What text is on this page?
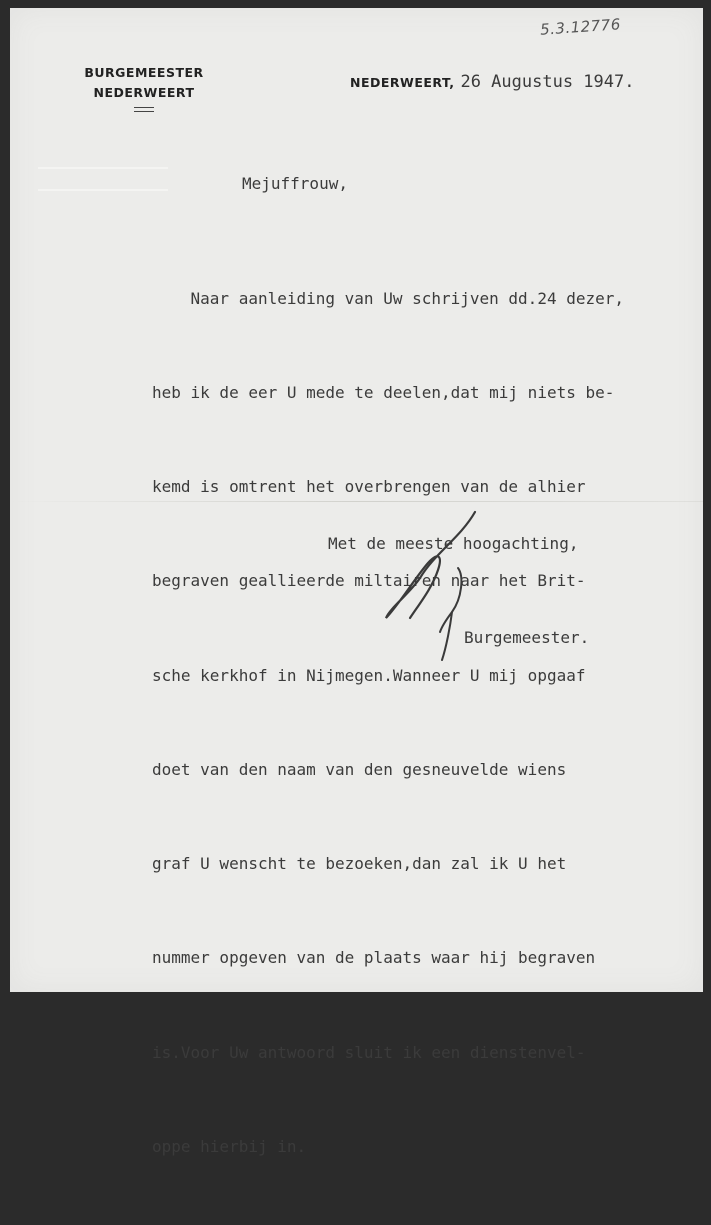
5.3.12776
BURGEMEESTER
NEDERWEERT
NEDERWEERT, 26 Augustus 1947.
Mejuffrouw,

Naar aanleiding van Uw schrijven dd.24 dezer,

heb ik de eer U mede te deelen,dat mij niets be-

kemd is omtrent het overbrengen van de alhier

begraven geallieerde miltairen naar het Brit-

sche kerkhof in Nijmegen.Wanneer U mij opgaaf

doet van den naam van den gesneuvelde wiens

graf U wenscht te bezoeken,dan zal ik U het

nummer opgeven van de plaats waar hij begraven

is.Voor Uw antwoord sluit ik een dienstenvel-

oppe hierbij in.

Met de meeste hoogachting,
Burgemeester.
